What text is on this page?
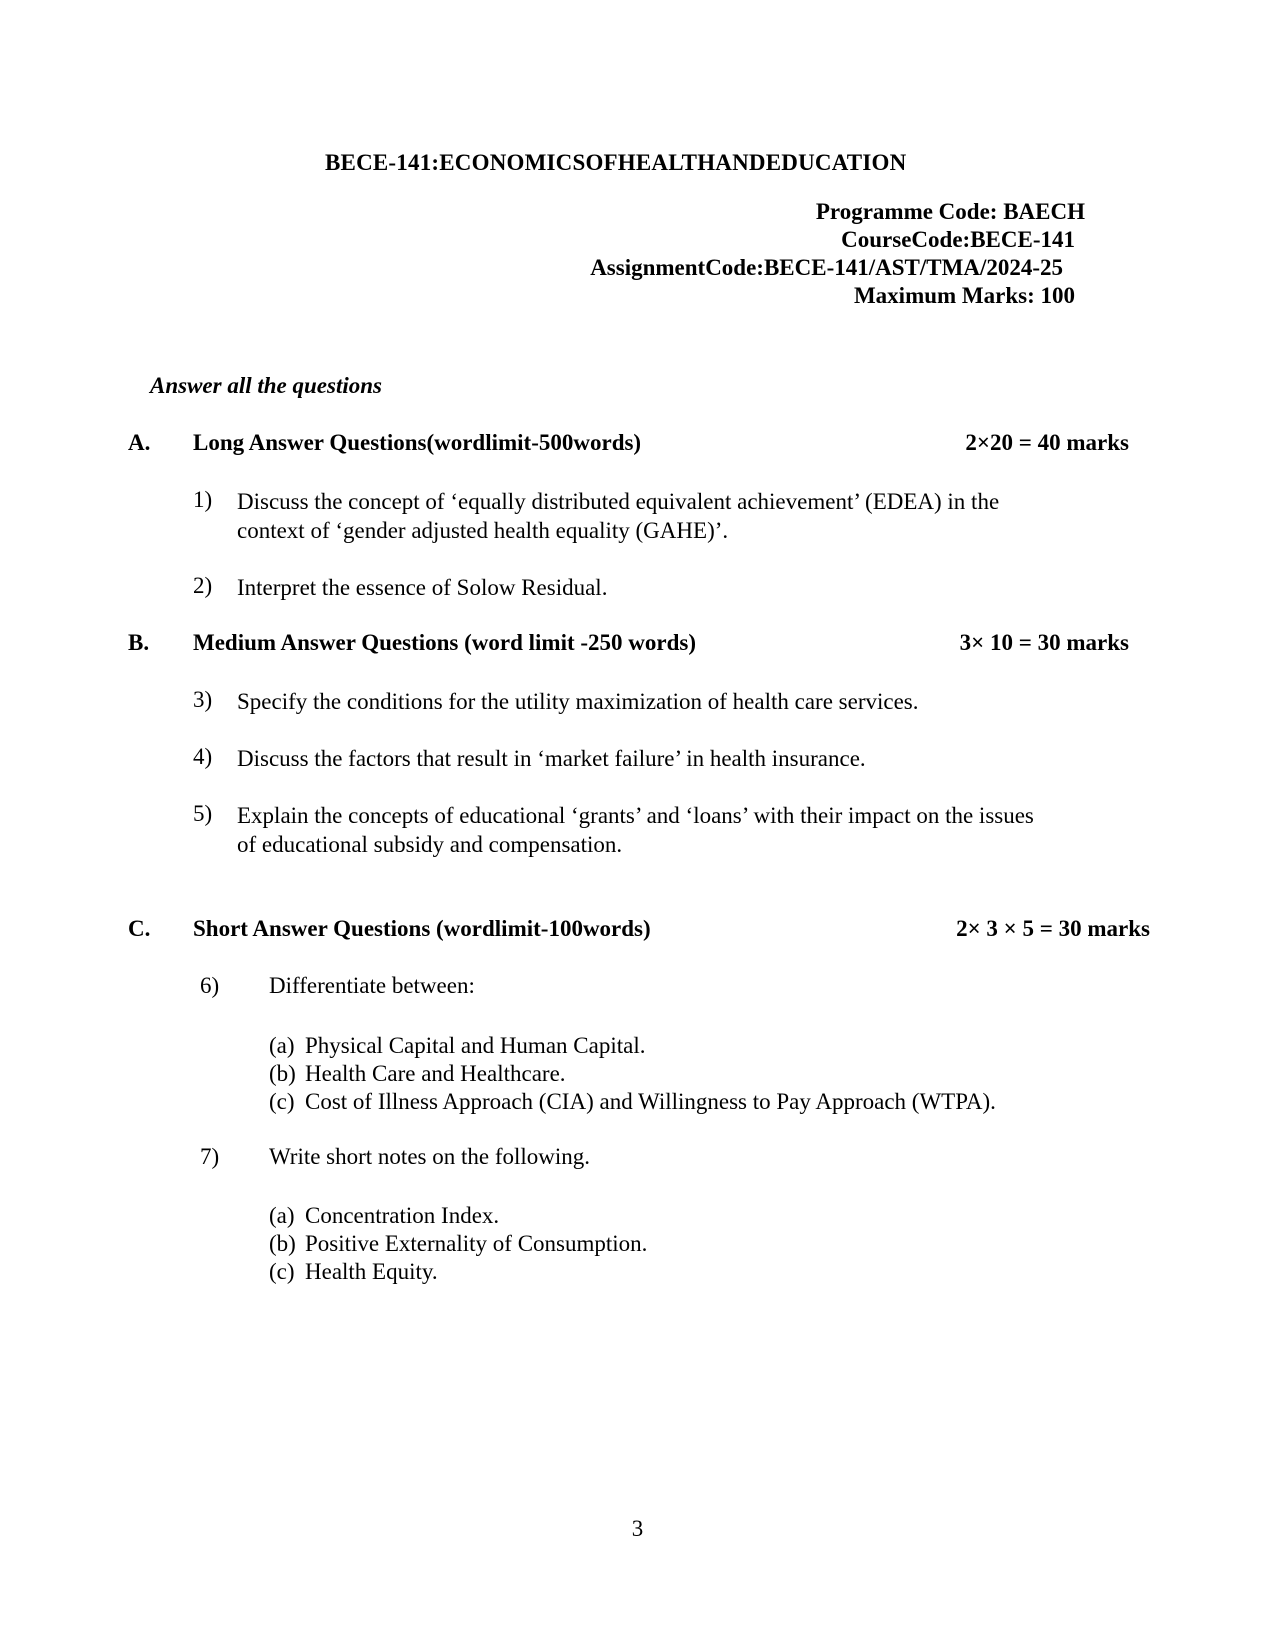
BECE-141:ECONOMICSOFHEALTHANDEDUCATION
Programme Code: BAECH
CourseCode:BECE-141
AssignmentCode:BECE-141/AST/TMA/2024-25
Maximum Marks: 100
Answer all the questions
A. Long Answer Questions(wordlimit-500words)	2×20 = 40 marks
1) Discuss the concept of ‘equally distributed equivalent achievement’ (EDEA) in the
context of ‘gender adjusted health equality (GAHE)’.
2) Interpret the essence of Solow Residual.
B. Medium Answer Questions (word limit -250 words)	3× 10 = 30 marks
3) Specify the conditions for the utility maximization of health care services.
4) Discuss the factors that result in ‘market failure’ in health insurance.
5) Explain the concepts of educational ‘grants’ and ‘loans’ with their impact on the issues
of educational subsidy and compensation.
C. Short Answer Questions (wordlimit-100words)	2× 3 × 5 = 30 marks
6) Differentiate between:
(a) Physical Capital and Human Capital.
(b) Health Care and Healthcare.
(c) Cost of Illness Approach (CIA) and Willingness to Pay Approach (WTPA).
7) Write short notes on the following.
(a) Concentration Index.
(b) Positive Externality of Consumption.
(c) Health Equity.
3
